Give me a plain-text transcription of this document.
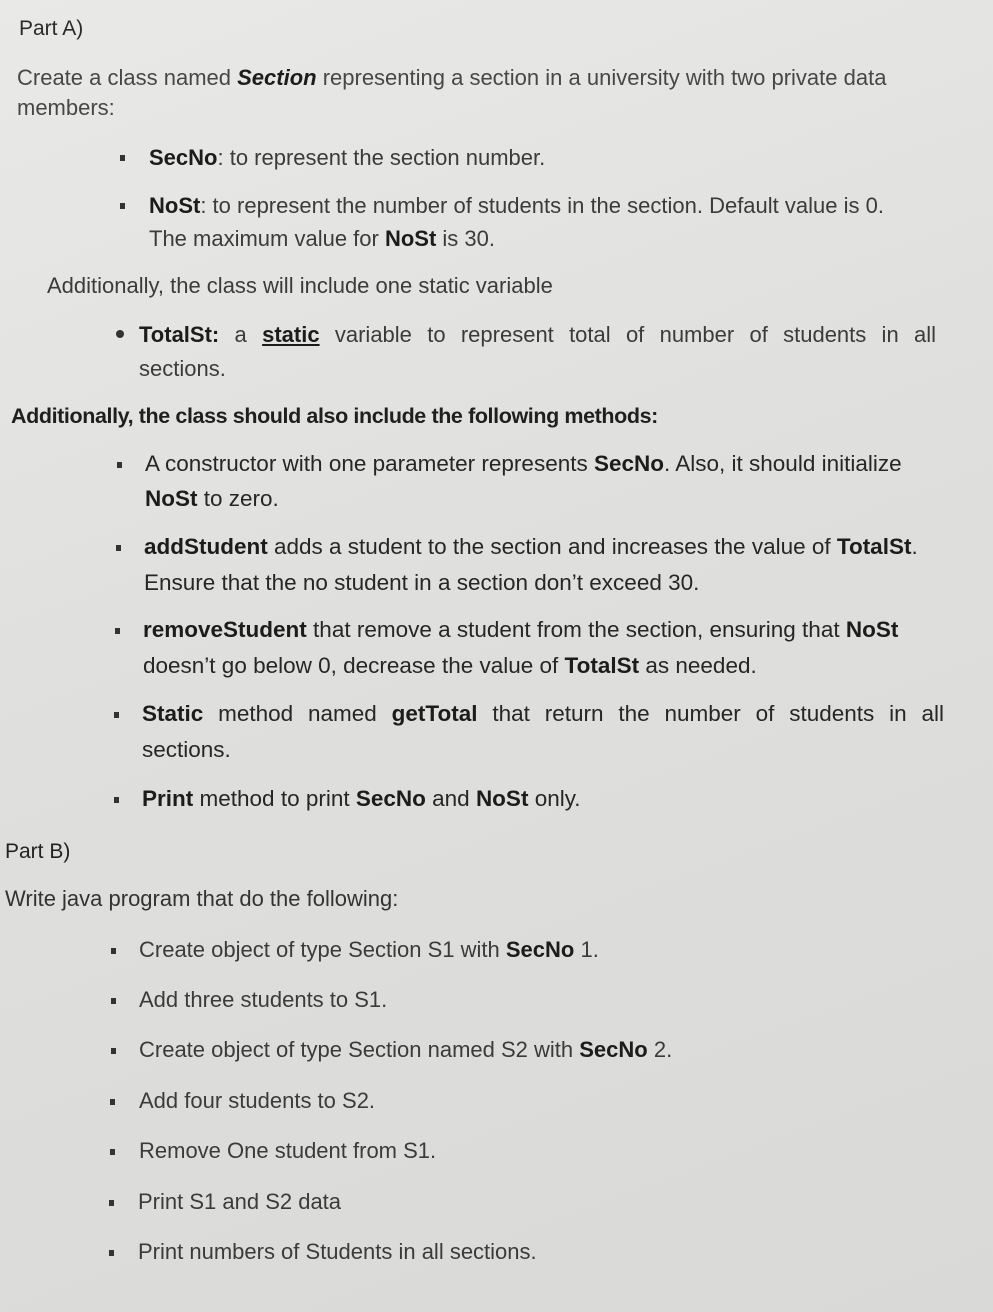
Part A)
Create a class named Section representing a section in a university with two private data
members:
SecNo: to represent the section number.
NoSt: to represent the number of students in the section. Default value is 0.
The maximum value for NoSt is 30.
Additionally, the class will include one static variable
TotalSt: a static variable to represent total of number of students in all
sections.
Additionally, the class should also include the following methods:
A constructor with one parameter represents SecNo. Also, it should initialize
NoSt to zero.
addStudent adds a student to the section and increases the value of TotalSt.
Ensure that the no student in a section don’t exceed 30.
removeStudent that remove a student from the section, ensuring that NoSt
doesn’t go below 0, decrease the value of TotalSt as needed.
Static method named getTotal that return the number of students in all
sections.
Print method to print SecNo and NoSt only.
Part B)
Write java program that do the following:
Create object of type Section S1 with SecNo 1.
Add three students to S1.
Create object of type Section named S2 with SecNo 2.
Add four students to S2.
Remove One student from S1.
Print S1 and S2 data
Print numbers of Students in all sections.
